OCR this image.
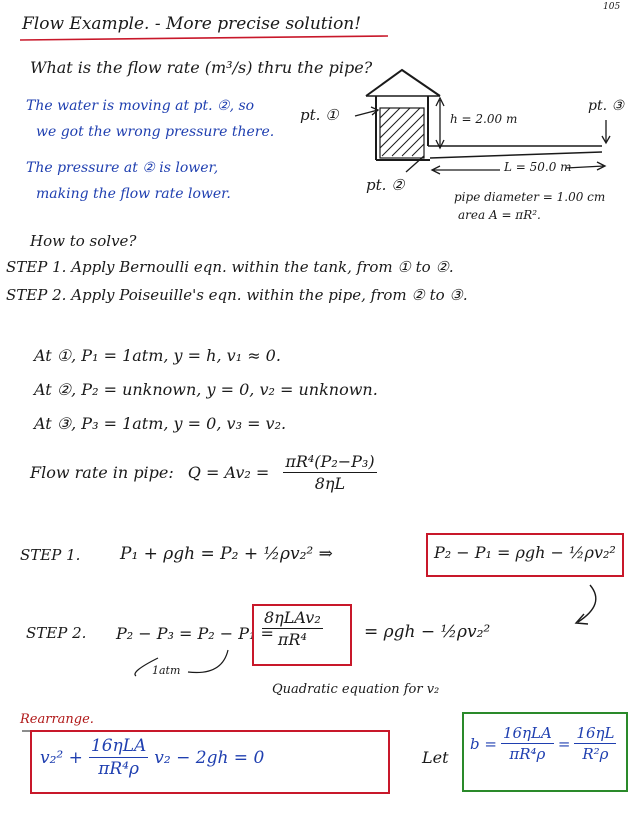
105
Flow Example. - More precise solution!
What is the flow rate (m³/s) thru the pipe?
The water is moving at pt. ②, so
we got the wrong pressure there.
The pressure at ② is lower,
making the flow rate lower.
pt. ①
pt. ②
pt. ③
h = 2.00 m
L = 50.0 m
pipe diameter = 1.00 cm
area A = πR².
How to solve?
STEP 1. Apply Bernoulli eqn. within the tank, from ① to ②.
STEP 2. Apply Poiseuille's eqn. within the pipe, from ② to ③.
At ①, P₁ = 1atm, y = h, v₁ ≈ 0.
At ②, P₂ = unknown, y = 0, v₂ = unknown.
At ③, P₃ = 1atm, y = 0, v₃ = v₂.
Flow rate in pipe: $Q = Av_2 = \frac{\text{πR⁴(P₂−P₃)}}{8\eta L}$
STEP 1. P₁ + ρgh = P₂ + ½ρv₂² ⇒	P₂ − P₁ = ρgh − ½ρv₂²
STEP 2. P₂ − P₃ = P₂ − P₁ =
8ηLAv₂
πR⁴	= ρgh − ½ρv₂²
1atm
Quadratic equation for v₂
Rearrange.
$v_2^2 + \frac{\text{16ηLA}}{\text{πR⁴ρ}} v_2 - 2gh = 0$	Let
$b = \frac{\text{16ηLA}}{\text{πR⁴ρ}} = \frac{16\eta L}{\text{R²ρ}}$
